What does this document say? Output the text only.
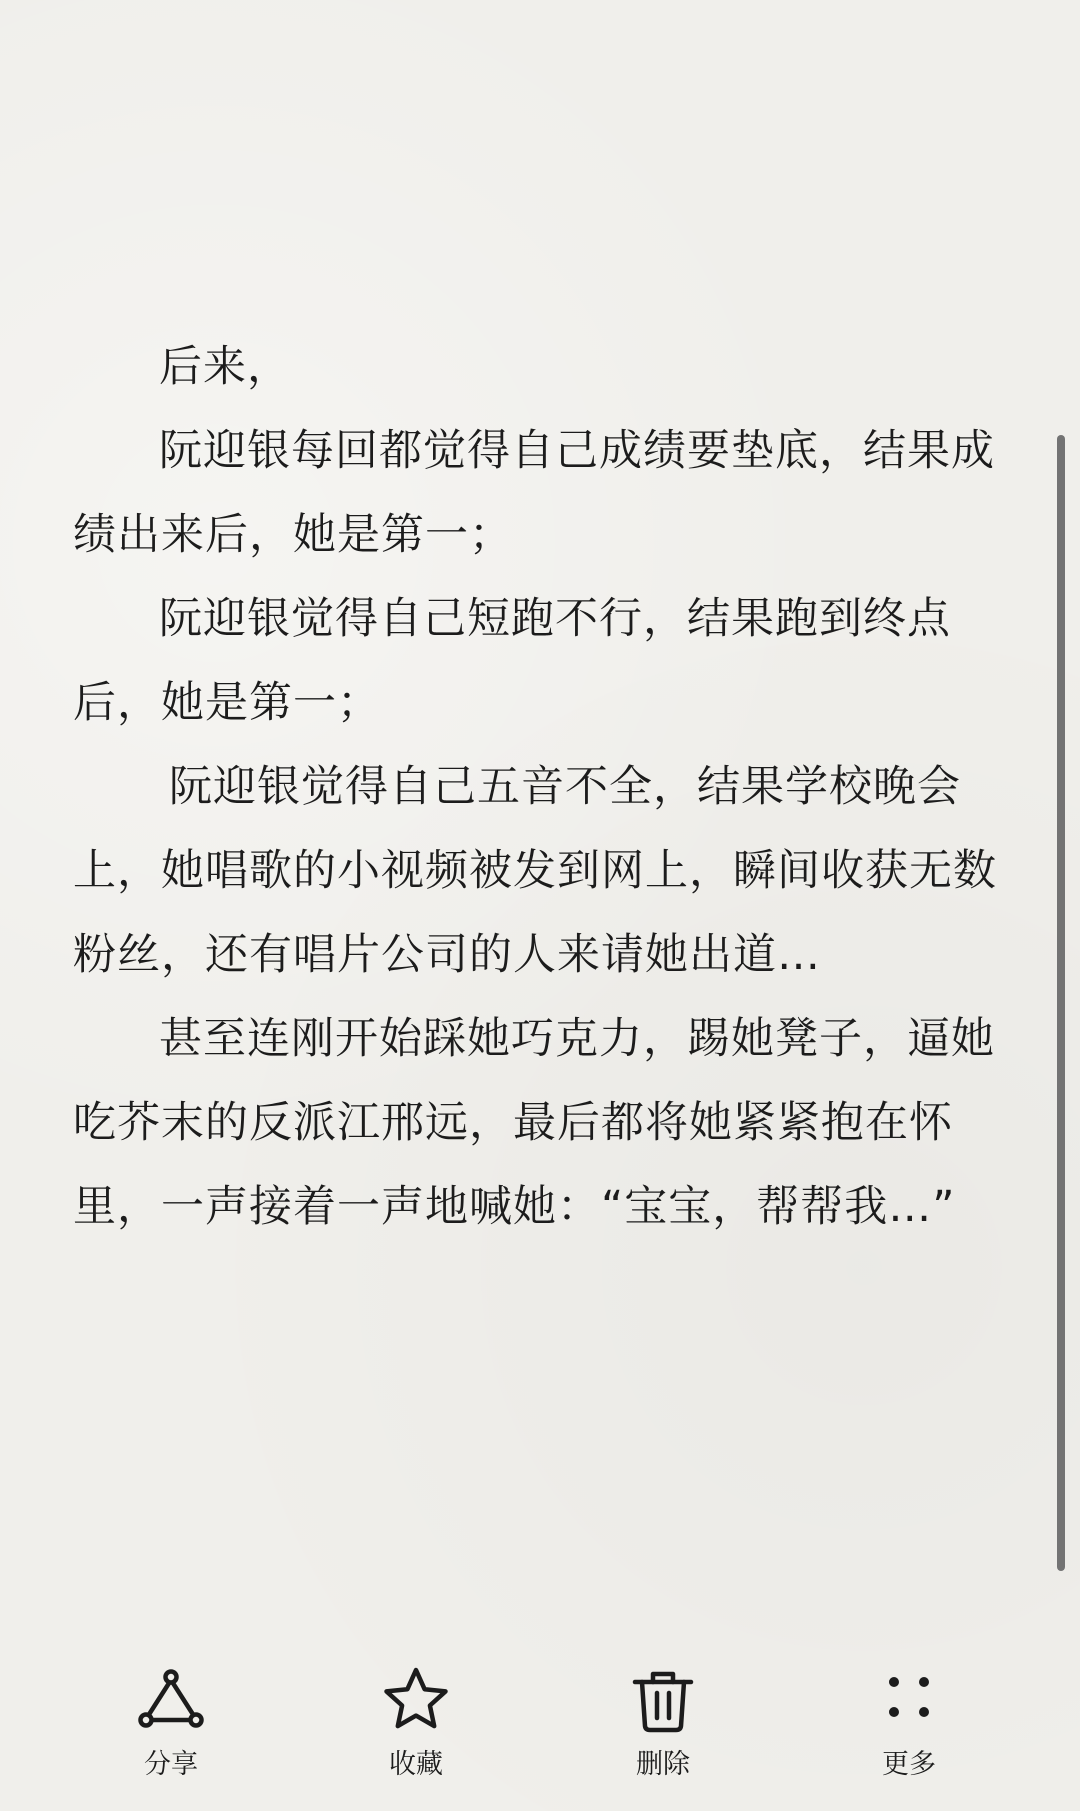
后来，

阮迎银每回都觉得自己成绩要垫底，结果成绩出来后，她是第一；

阮迎银觉得自己短跑不行，结果跑到终点后，她是第一；

阮迎银觉得自己五音不全，结果学校晚会上，她唱歌的小视频被发到网上，瞬间收获无数粉丝，还有唱片公司的人来请她出道…

甚至连刚开始踩她巧克力，踢她凳子，逼她吃芥末的反派江邢远，最后都将她紧紧抱在怀里，一声接着一声地喊她：“宝宝，帮帮我…”

分享	收藏	删除	更多
